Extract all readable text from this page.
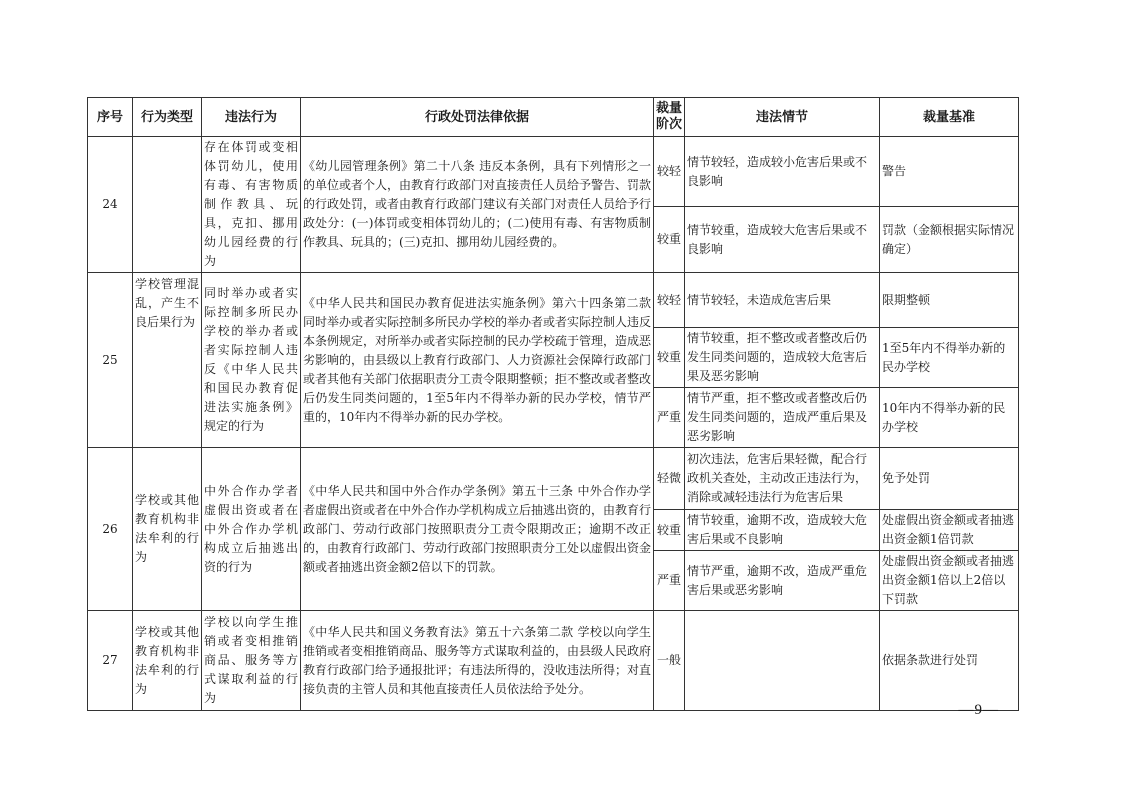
序号	行为类型	违法行为	行政处罚法律依据	裁量阶次	违法情节	裁量基准
24		存在体罚或变相体罚幼儿，使用有毒、有害物质制作教具、玩具，克扣、挪用幼儿园经费的行为	《幼儿园管理条例》第二十八条 违反本条例，具有下列情形之一的单位或者个人，由教育行政部门对直接责任人员给予警告、罚款的行政处罚，或者由教育行政部门建议有关部门对责任人员给予行政处分：(一)体罚或变相体罚幼儿的；(二)使用有毒、有害物质制作教具、玩具的；(三)克扣、挪用幼儿园经费的。	较轻	情节较轻，造成较小危害后果或不良影响	警告
				较重	情节较重，造成较大危害后果或不良影响	罚款（金额根据实际情况确定）
25	学校管理混乱，产生不良后果行为	同时举办或者实际控制多所民办学校的举办者或者实际控制人违反《中华人民共和国民办教育促进法实施条例》规定的行为	《中华人民共和国民办教育促进法实施条例》第六十四条第二款 同时举办或者实际控制多所民办学校的举办者或者实际控制人违反本条例规定，对所举办或者实际控制的民办学校疏于管理，造成恶劣影响的，由县级以上教育行政部门、人力资源社会保障行政部门或者其他有关部门依据职责分工责令限期整顿；拒不整改或者整改后仍发生同类问题的，1至5年内不得举办新的民办学校，情节严重的，10年内不得举办新的民办学校。	较轻	情节较轻，未造成危害后果	限期整顿
				较重	情节较重，拒不整改或者整改后仍发生同类问题的，造成较大危害后果及恶劣影响	1至5年内不得举办新的民办学校
				严重	情节严重，拒不整改或者整改后仍发生同类问题的，造成严重后果及恶劣影响	10年内不得举办新的民办学校
26	学校或其他教育机构非法牟利的行为	中外合作办学者虚假出资或者在中外合作办学机构成立后抽逃出资的行为	《中华人民共和国中外合作办学条例》第五十三条 中外合作办学者虚假出资或者在中外合作办学机构成立后抽逃出资的，由教育行政部门、劳动行政部门按照职责分工责令限期改正；逾期不改正的，由教育行政部门、劳动行政部门按照职责分工处以虚假出资金额或者抽逃出资金额2倍以下的罚款。	轻微	初次违法，危害后果轻微，配合行政机关查处，主动改正违法行为，消除或减轻违法行为危害后果	免予处罚
				较重	情节较重，逾期不改，造成较大危害后果或不良影响	处虚假出资金额或者抽逃出资金额1倍罚款
				严重	情节严重，逾期不改，造成严重危害后果或恶劣影响	处虚假出资金额或者抽逃出资金额1倍以上2倍以下罚款
27	学校或其他教育机构非法牟利的行为	学校以向学生推销或者变相推销商品、服务等方式谋取利益的行为	《中华人民共和国义务教育法》第五十六条第二款 学校以向学生推销或者变相推销商品、服务等方式谋取利益的，由县级人民政府教育行政部门给予通报批评；有违法所得的，没收违法所得；对直接负责的主管人员和其他直接责任人员依法给予处分。	一般		依据条款进行处罚
—9—
